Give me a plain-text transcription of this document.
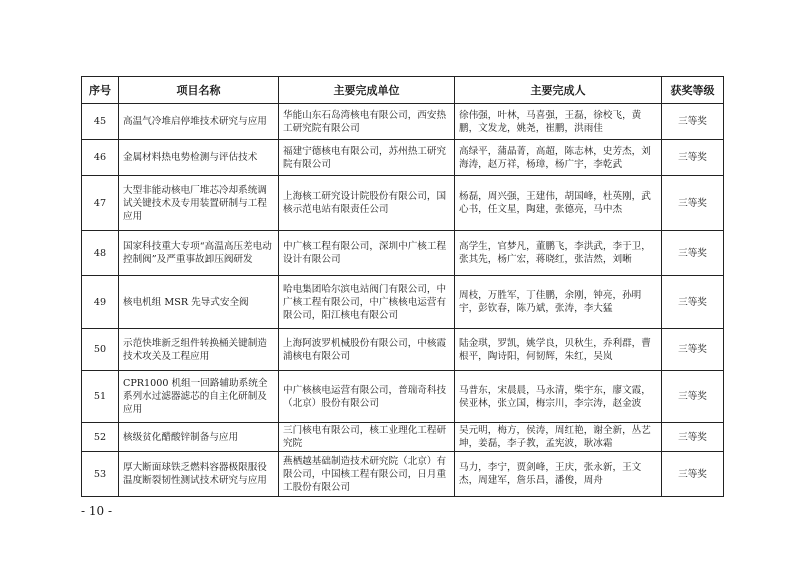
序号	项目名称	主要完成单位	主要完成人	获奖等级
45	高温气冷堆启停堆技术研究与应用	华能山东石岛湾核电有限公司，西安热工研究院有限公司	徐伟强，叶林，马喜强，王磊，徐校飞，黄鹏，文发龙，姚尧，崔鹏，洪雨佳	三等奖
46	金属材料热电势检测与评估技术	福建宁德核电有限公司，苏州热工研究院有限公司	高绿平，蒲晶菁，高超，陈志林，史芳杰，刘海涛，赵万祥，杨璋，杨广宇，李乾武	三等奖
47	大型非能动核电厂堆芯冷却系统调试关键技术及专用装置研制与工程应用	上海核工研究设计院股份有限公司，国核示范电站有限责任公司	杨磊，周兴强，王建伟，胡国峰，杜英刚，武心书，任文星，陶建，张德亮，马中杰	三等奖
48	国家科技重大专项“高温高压差电动控制阀”及严重事故卸压阀研发	中广核工程有限公司，深圳中广核工程设计有限公司	高学生，官梦凡，董鹏飞，李洪武，李于卫，张其先，杨广宏，蒋晓红，张洁然，刘晰	三等奖
49	核电机组 MSR 先导式安全阀	哈电集团哈尔滨电站阀门有限公司，中广核工程有限公司，中广核核电运营有限公司，阳江核电有限公司	周枝，万胜军，丁佳鹏，余刚，钟亮，孙明宇，彭钦春，陈乃斌，张涛，李大猛	三等奖
50	示范快堆新乏组件转换桶关键制造技术攻关及工程应用	上海阿波罗机械股份有限公司，中核霞浦核电有限公司	陆金琪，罗凯，姚学良，贝秋生，乔利群，曹根平，陶诗阳，何韧辉，朱红，吴岚	三等奖
51	CPR1000 机组一回路辅助系统全系列水过滤器滤芯的自主化研制及应用	中广核核电运营有限公司，普瑞奇科技（北京）股份有限公司	马普东，宋晨晨，马永清，柴宇东，廖文霞，侯亚林，张立国，梅宗川，李宗涛，赵金波	三等奖
52	核级贫化醋酸锌制备与应用	三门核电有限公司，核工业理化工程研究院	吴元明，梅方，侯涛，周红艳，谢全新，丛艺坤，姜磊，李子教，孟宪波，耿冰霜	三等奖
53	厚大断面球铁乏燃料容器极限服役温度断裂韧性测试技术研究与应用	燕栖越基础制造技术研究院（北京）有限公司，中国核工程有限公司，日月重工股份有限公司	马力，李宁，贾剑峰，王庆，张永新，王文杰，周建军，詹乐昌，潘俊，周舟	三等奖
- 10 -
